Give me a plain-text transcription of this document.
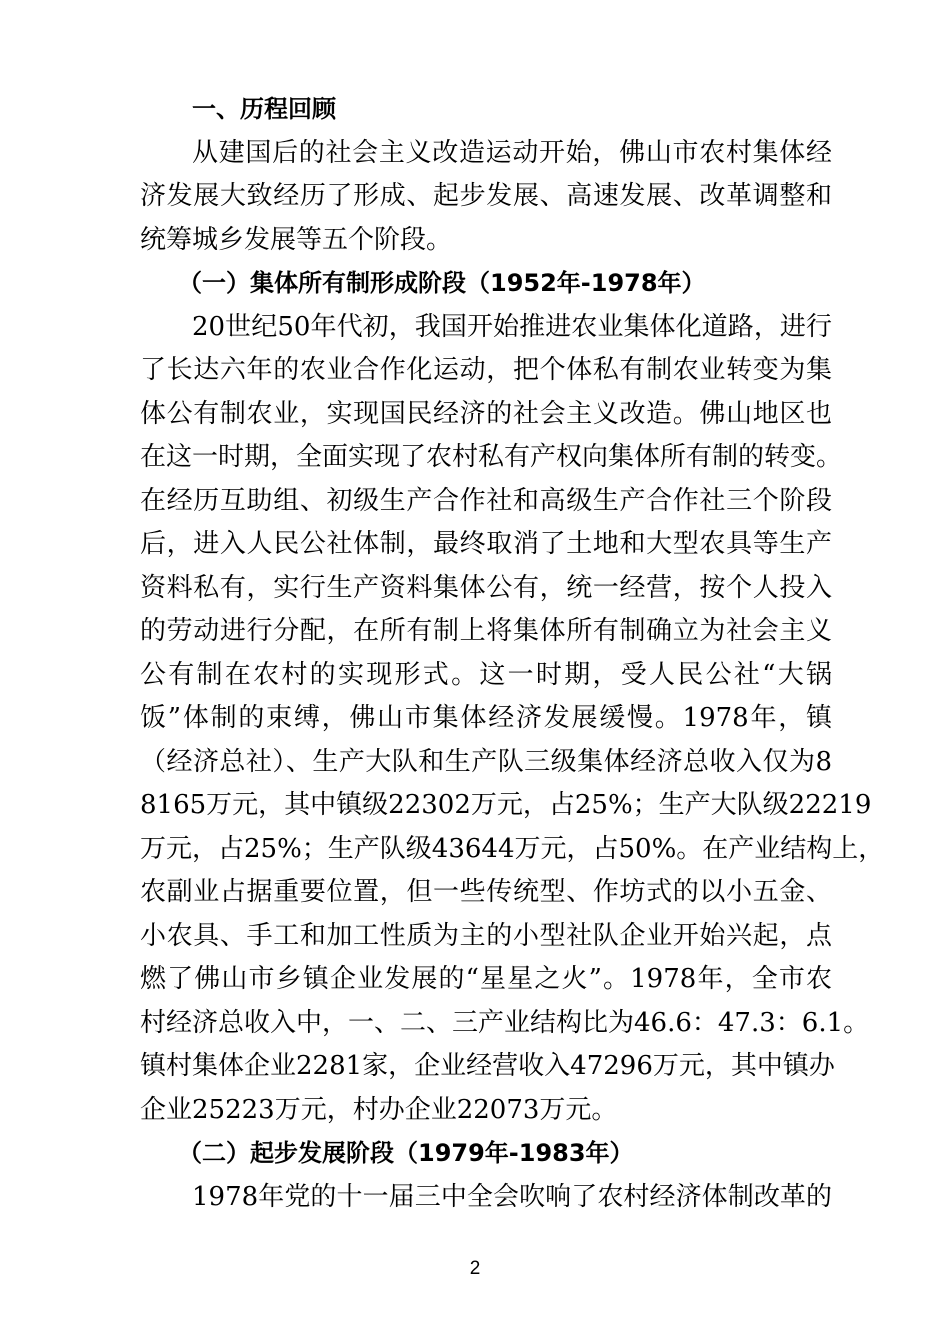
一、历程回顾
从建国后的社会主义改造运动开始，佛山市农村集体经
济发展大致经历了形成、起步发展、高速发展、改革调整和
统筹城乡发展等五个阶段。
（一）集体所有制形成阶段（1952年-1978年）
20世纪50年代初，我国开始推进农业集体化道路，进行
了长达六年的农业合作化运动，把个体私有制农业转变为集
体公有制农业，实现国民经济的社会主义改造。佛山地区也
在这一时期，全面实现了农村私有产权向集体所有制的转变。
在经历互助组、初级生产合作社和高级生产合作社三个阶段
后，进入人民公社体制，最终取消了土地和大型农具等生产
资料私有，实行生产资料集体公有，统一经营，按个人投入
的劳动进行分配，在所有制上将集体所有制确立为社会主义
公有制在农村的实现形式。这一时期，受人民公社“大锅
饭”体制的束缚，佛山市集体经济发展缓慢。1978年，镇
（经济总社）、生产大队和生产队三级集体经济总收入仅为8
8165万元，其中镇级22302万元，占25%；生产大队级22219
万元，占25%；生产队级43644万元，占50%。在产业结构上，
农副业占据重要位置，但一些传统型、作坊式的以小五金、
小农具、手工和加工性质为主的小型社队企业开始兴起，点
燃了佛山市乡镇企业发展的“星星之火”。1978年，全市农
村经济总收入中，一、二、三产业结构比为46.6：47.3：6.1。
镇村集体企业2281家，企业经营收入47296万元，其中镇办
企业25223万元，村办企业22073万元。
（二）起步发展阶段（1979年-1983年）
1978年党的十一届三中全会吹响了农村经济体制改革的
2
